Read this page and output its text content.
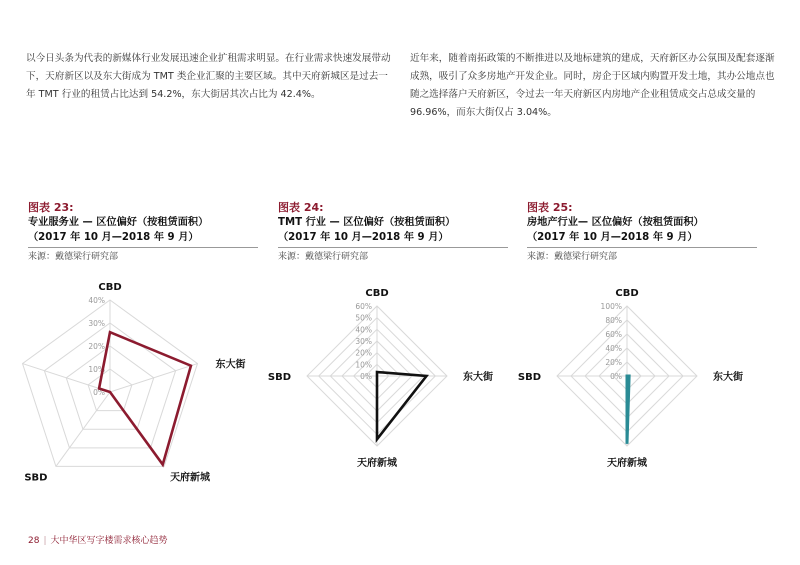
以今日头条为代表的新媒体行业发展迅速企业扩租需求明显。在行业需求快速发展带动下，天府新区以及东大街成为 TMT 类企业汇聚的主要区域。其中天府新城区是过去一年 TMT 行业的租赁占比达到 54.2%，东大街居其次占比为 42.4%。
近年来，随着南拓政策的不断推进以及地标建筑的建成，天府新区办公氛围及配套逐渐成熟，吸引了众多房地产开发企业。同时，房企于区域内购置开发土地，其办公地点也随之选择落户天府新区，令过去一年天府新区内房地产企业租赁成交占总成交量的 96.96%，而东大街仅占 3.04%。
图表 23:
专业服务业 — 区位偏好（按租赁面积）
（2017 年 10 月—2018 年 9 月）
来源：戴德梁行研究部
图表 24:
TMT 行业 — 区位偏好（按租赁面积）
（2017 年 10 月—2018 年 9 月）
来源：戴德梁行研究部
图表 25:
房地产行业— 区位偏好（按租赁面积）
（2017 年 10 月—2018 年 9 月）
来源：戴德梁行研究部
0%
10%
20%
30%
40%
CBD
东大街
天府新城
SBD
0%
10%
20%
30%
40%
50%
60%
CBD
东大街
天府新城
SBD	0%
20%
40%
60%
80%
100%
CBD
东大街
天府新城
SBD
28 | 大中华区写字楼需求核心趋势
